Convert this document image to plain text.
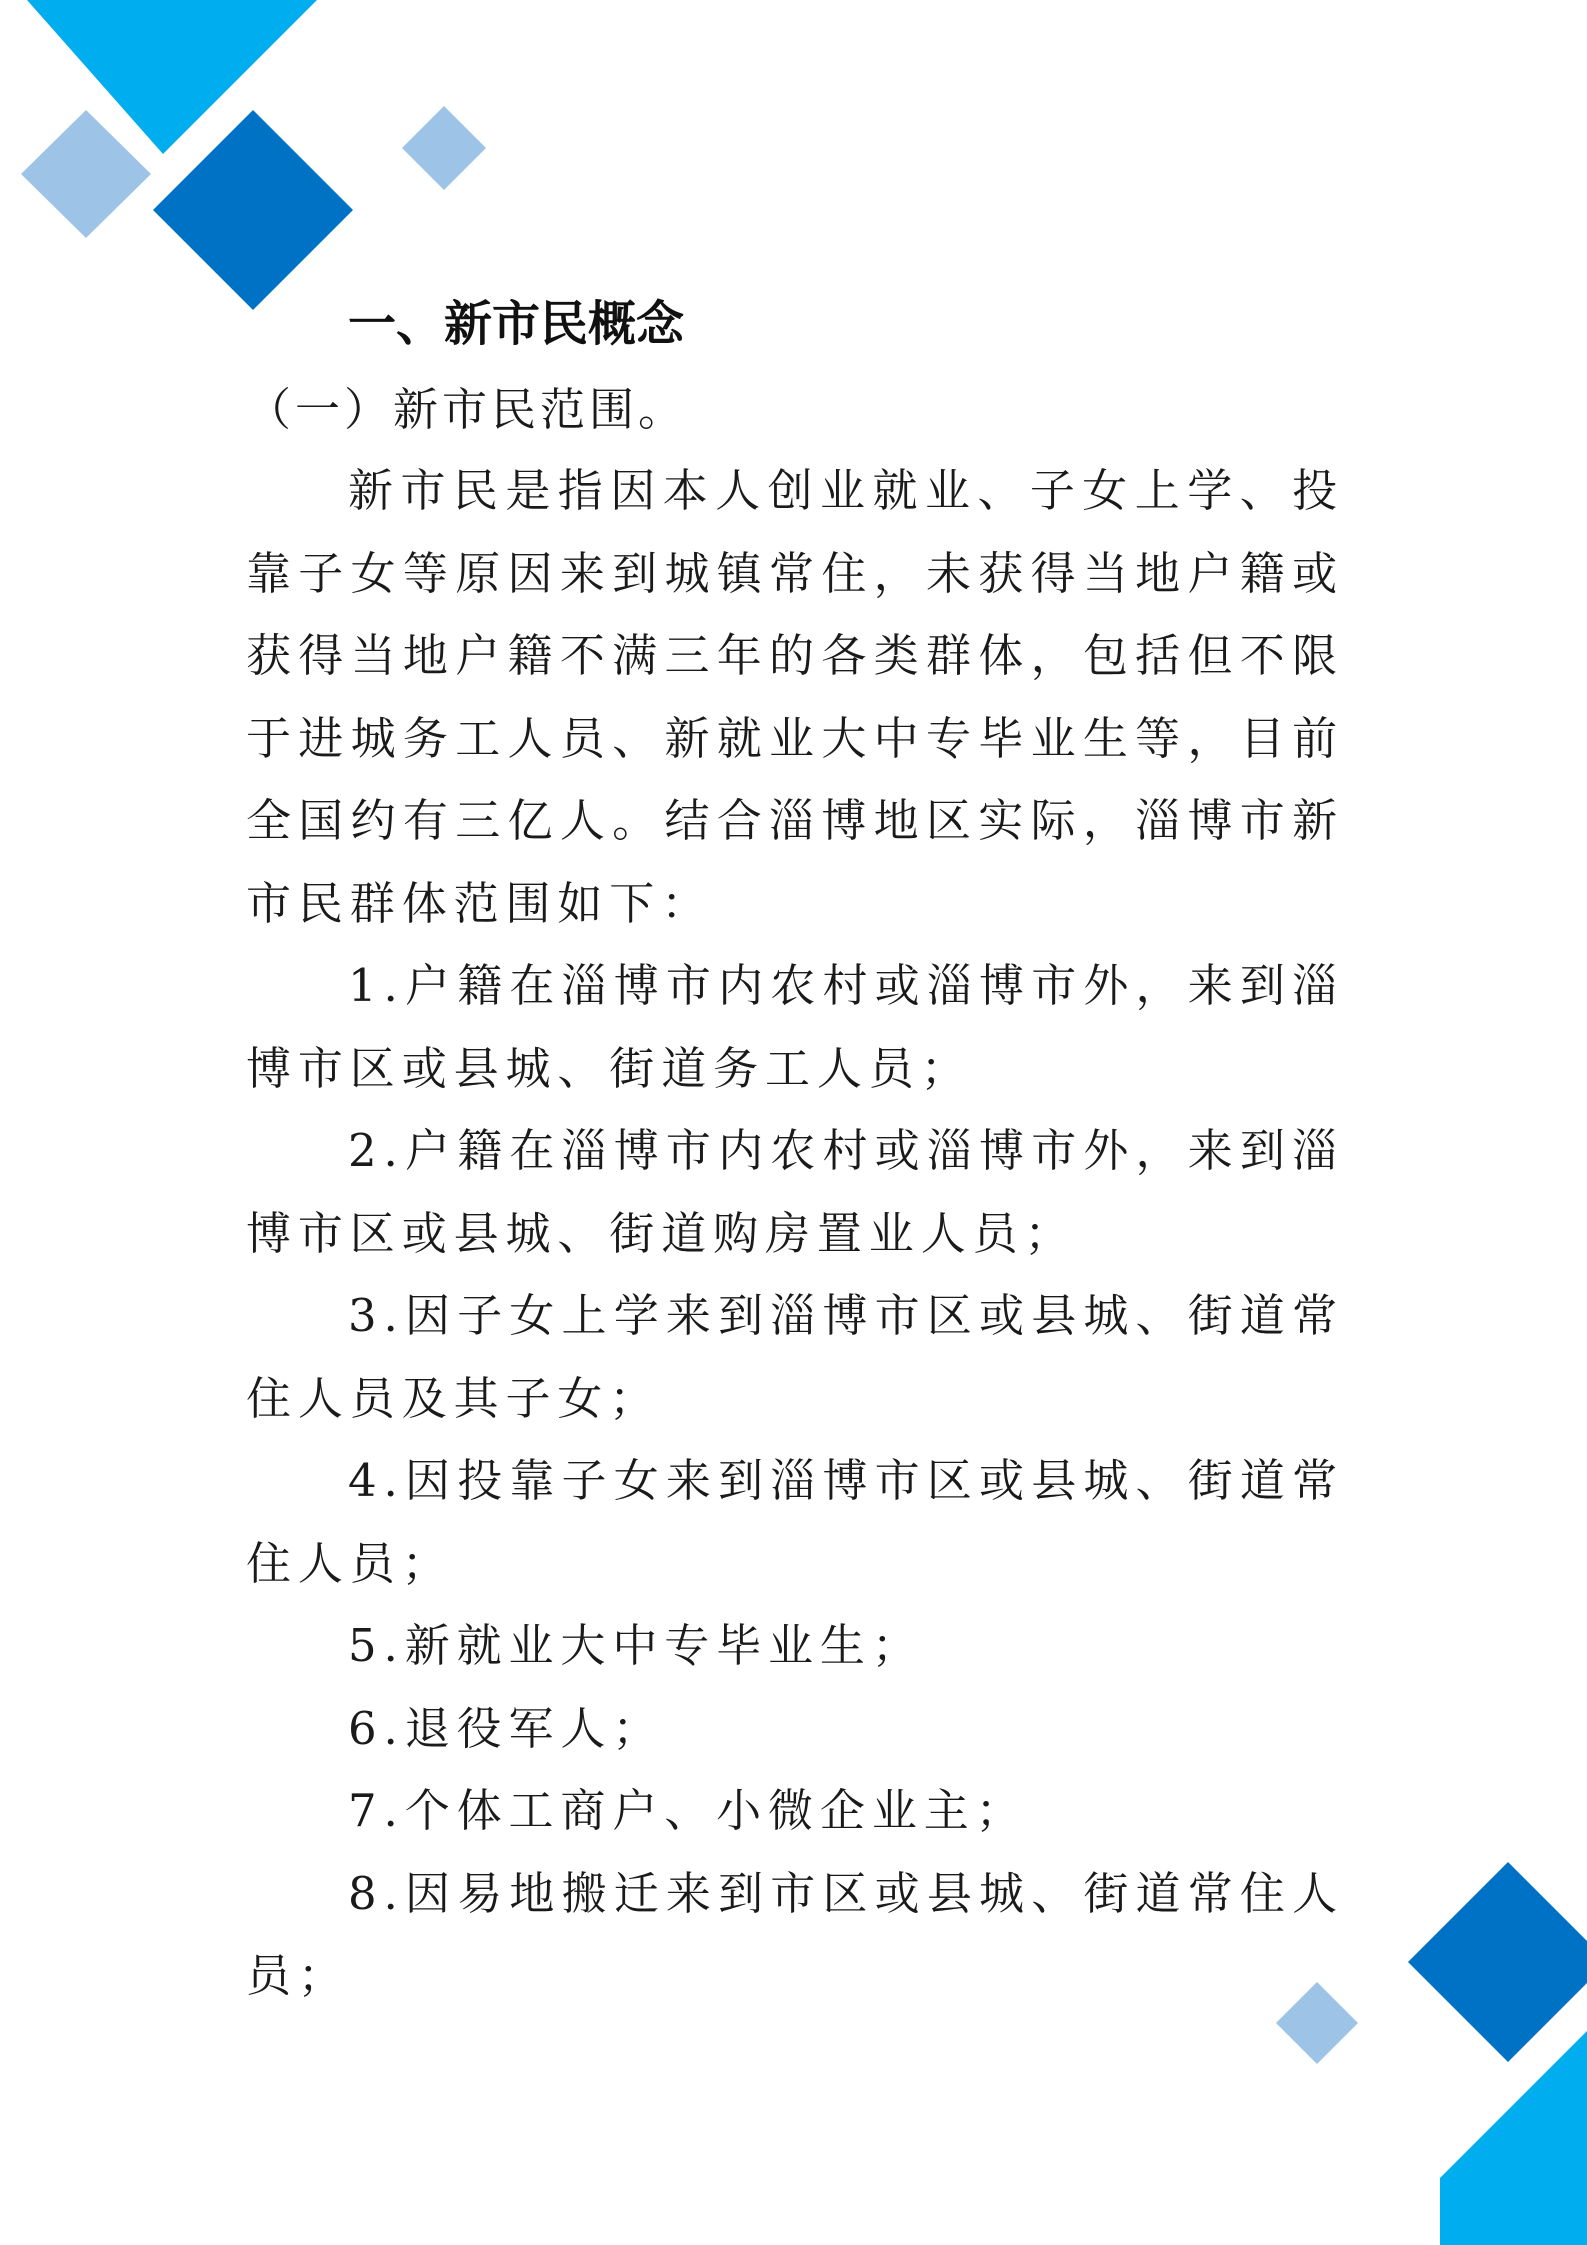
一、新市民概念

（一）新市民范围。

新市民是指因本人创业就业、子女上学、投靠子女等原因来到城镇常住，未获得当地户籍或获得当地户籍不满三年的各类群体，包括但不限于进城务工人员、新就业大中专毕业生等，目前全国约有三亿人。结合淄博地区实际，淄博市新市民群体范围如下：

1.户籍在淄博市内农村或淄博市外，来到淄博市区或县城、街道务工人员；

2.户籍在淄博市内农村或淄博市外，来到淄博市区或县城、街道购房置业人员；

3.因子女上学来到淄博市区或县城、街道常住人员及其子女；

4.因投靠子女来到淄博市区或县城、街道常住人员；

5.新就业大中专毕业生；

6.退役军人；

7.个体工商户、小微企业主；

8.因易地搬迁来到市区或县城、街道常住人员；
